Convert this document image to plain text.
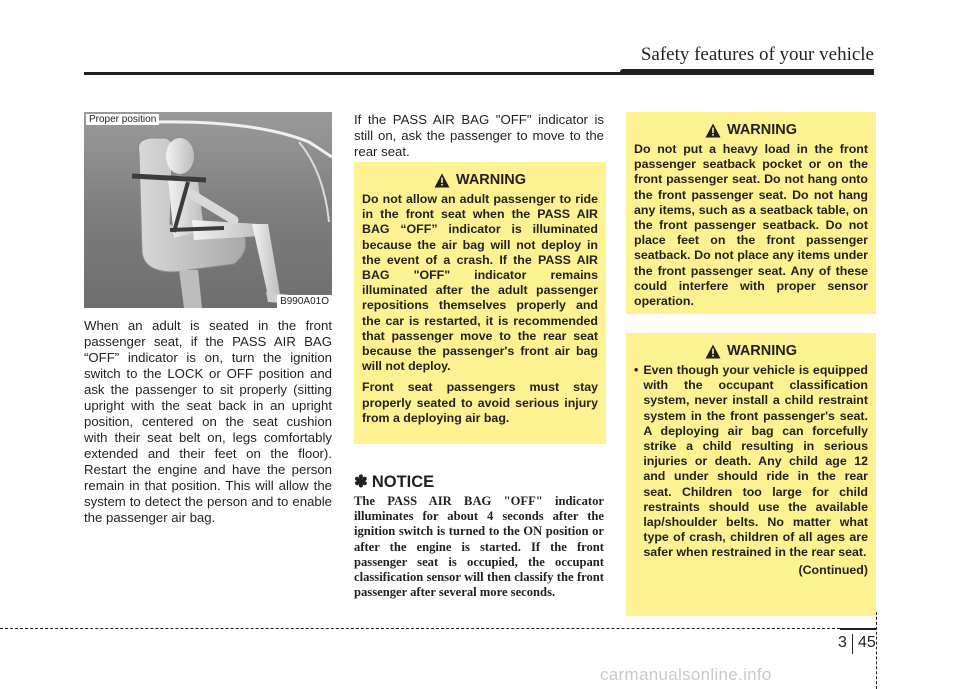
Safety features of your vehicle
B990A01O
Proper position
When an adult is seated in the front passenger seat, if the PASS AIR BAG “OFF” indicator is on, turn the ignition switch to the LOCK or OFF position and ask the passenger to sit properly (sitting upright with the seat back in an upright position, centered on the seat cushion with their seat belt on, legs comfortably extended and their feet on the floor). Restart the engine and have the person remain in that position. This will allow the system to detect the person and to enable the passenger air bag.
If the PASS AIR BAG "OFF" indicator is still on, ask the passenger to move to the rear seat.
WARNING

Do not allow an adult passenger to ride in the front seat when the PASS AIR BAG “OFF” indicator is illuminated because the air bag will not deploy in the event of a crash. If the PASS AIR BAG "OFF" indicator remains illuminated after the adult passenger repositions themselves properly and the car is restarted, it is recommended that passenger move to the rear seat because the passenger's front air bag will not deploy.

Front seat passengers must stay properly seated to avoid serious injury from a deploying air bag.

✽ NOTICE
The PASS AIR BAG "OFF" indicator illuminates for about 4 seconds after the ignition switch is turned to the ON position or after the engine is started. If the front passenger seat is occupied, the occupant classification sensor will then classify the front passenger after several more seconds.
WARNING
Do not put a heavy load in the front passenger seatback pocket or on the front passenger seat. Do not hang onto the front passenger seat. Do not hang any items, such as a seatback table, on the front passenger seatback. Do not place feet on the front passenger seatback. Do not place any items under the front passenger seat. Any of these could interfere with proper sensor operation.
WARNING
• Even though your vehicle is equipped with the occupant classification system, never install a child restraint system in the front passenger's seat. A deploying air bag can forcefully strike a child resulting in serious injuries or death. Any child age 12 and under should ride in the rear seat. Children too large for child restraints should use the available lap/shoulder belts. No matter what type of crash, children of all ages are safer when restrained in the rear seat.
(Continued)
3 45
carmanualsonline.info
